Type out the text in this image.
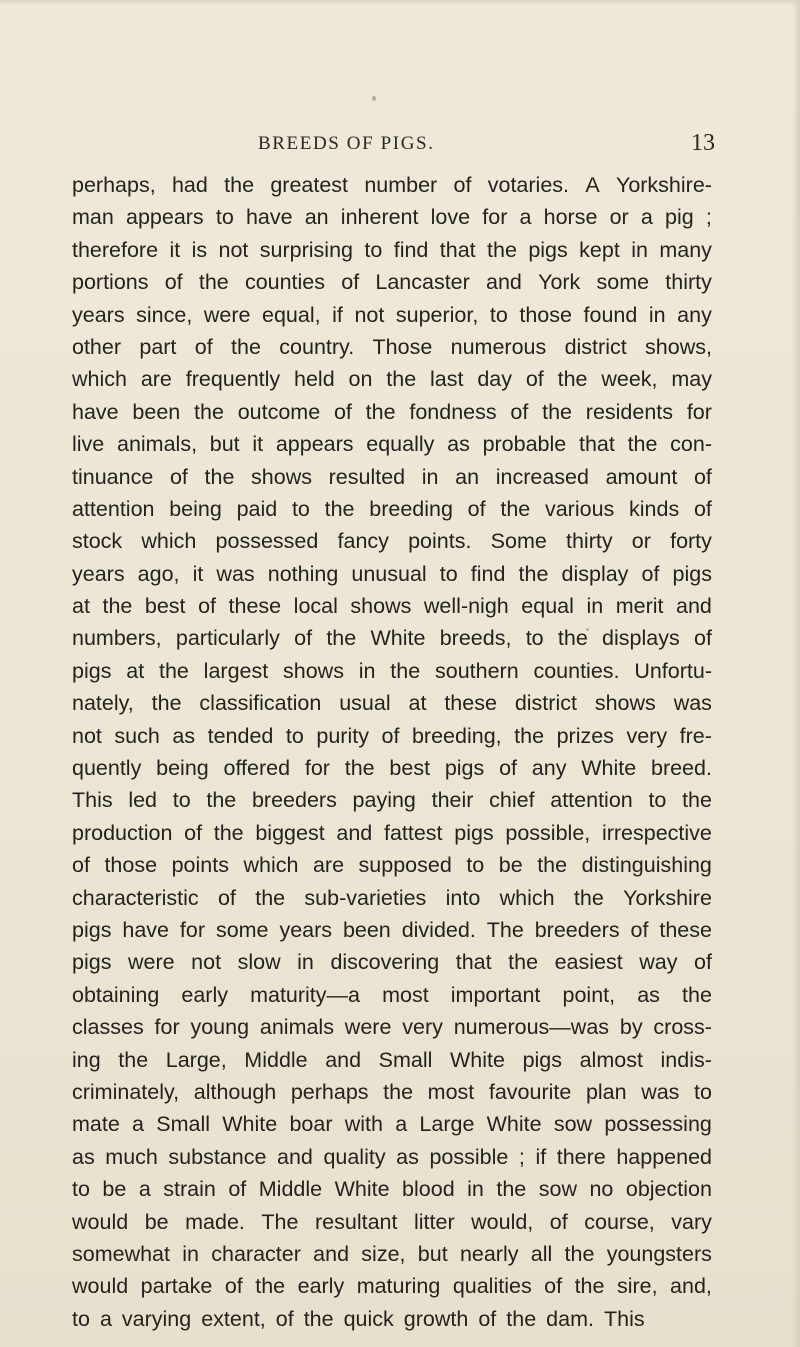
BREEDS OF PIGS.	13
perhaps, had the greatest number of votaries. A Yorkshire-
man appears to have an inherent love for a horse or a pig ;
therefore it is not surprising to find that the pigs kept in many
portions of the counties of Lancaster and York some thirty
years since, were equal, if not superior, to those found in any
other part of the country. Those numerous district shows,
which are frequently held on the last day of the week, may
have been the outcome of the fondness of the residents for
live animals, but it appears equally as probable that the con-
tinuance of the shows resulted in an increased amount of
attention being paid to the breeding of the various kinds of
stock which possessed fancy points. Some thirty or forty
years ago, it was nothing unusual to find the display of pigs
at the best of these local shows well-nigh equal in merit and
numbers, particularly of the White breeds, to the displays of
pigs at the largest shows in the southern counties. Unfortu-
nately, the classification usual at these district shows was
not such as tended to purity of breeding, the prizes very fre-
quently being offered for the best pigs of any White breed.
This led to the breeders paying their chief attention to the
production of the biggest and fattest pigs possible, irrespective
of those points which are supposed to be the distinguishing
characteristic of the sub-varieties into which the Yorkshire
pigs have for some years been divided. The breeders of these
pigs were not slow in discovering that the easiest way of
obtaining early maturity—a most important point, as the
classes for young animals were very numerous—was by cross-
ing the Large, Middle and Small White pigs almost indis-
criminately, although perhaps the most favourite plan was to
mate a Small White boar with a Large White sow possessing
as much substance and quality as possible ; if there happened
to be a strain of Middle White blood in the sow no objection
would be made. The resultant litter would, of course, vary
somewhat in character and size, but nearly all the youngsters
would partake of the early maturing qualities of the sire, and,
to a varying extent, of the quick growth of the dam. This
